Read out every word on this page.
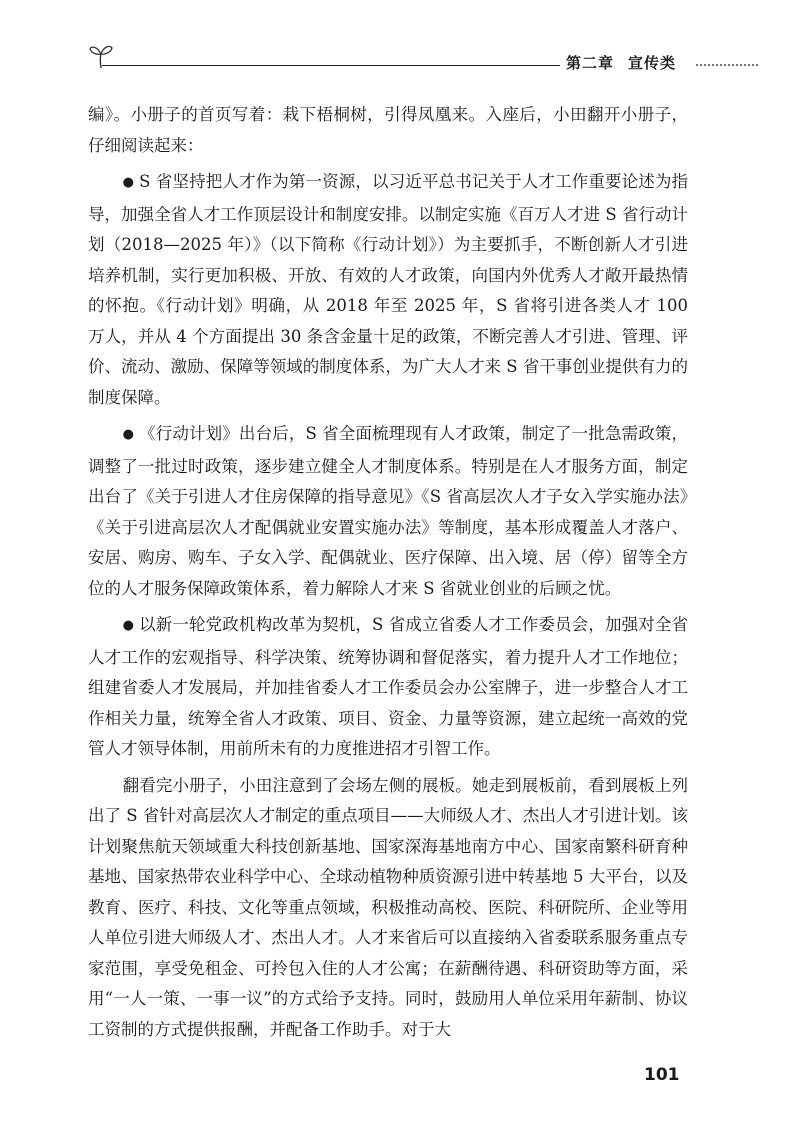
第二章 宣传类

编》。小册子的首页写着：栽下梧桐树，引得凤凰来。入座后，小田翻开小册子，仔细阅读起来：

● S 省坚持把人才作为第一资源，以习近平总书记关于人才工作重要论述为指导，加强全省人才工作顶层设计和制度安排。以制定实施《百万人才进 S 省行动计划（2018—2025 年）》（以下简称《行动计划》）为主要抓手，不断创新人才引进培养机制，实行更加积极、开放、有效的人才政策，向国内外优秀人才敞开最热情的怀抱。《行动计划》明确，从 2018 年至 2025 年，S 省将引进各类人才 100 万人，并从 4 个方面提出 30 条含金量十足的政策，不断完善人才引进、管理、评价、流动、激励、保障等领域的制度体系，为广大人才来 S 省干事创业提供有力的制度保障。

● 《行动计划》出台后，S 省全面梳理现有人才政策，制定了一批急需政策，调整了一批过时政策，逐步建立健全人才制度体系。特别是在人才服务方面，制定出台了《关于引进人才住房保障的指导意见》《S 省高层次人才子女入学实施办法》《关于引进高层次人才配偶就业安置实施办法》等制度，基本形成覆盖人才落户、安居、购房、购车、子女入学、配偶就业、医疗保障、出入境、居（停）留等全方位的人才服务保障政策体系，着力解除人才来 S 省就业创业的后顾之忧。

● 以新一轮党政机构改革为契机，S 省成立省委人才工作委员会，加强对全省人才工作的宏观指导、科学决策、统筹协调和督促落实，着力提升人才工作地位；组建省委人才发展局，并加挂省委人才工作委员会办公室牌子，进一步整合人才工作相关力量，统筹全省人才政策、项目、资金、力量等资源，建立起统一高效的党管人才领导体制，用前所未有的力度推进招才引智工作。

翻看完小册子，小田注意到了会场左侧的展板。她走到展板前，看到展板上列出了 S 省针对高层次人才制定的重点项目——大师级人才、杰出人才引进计划。该计划聚焦航天领域重大科技创新基地、国家深海基地南方中心、国家南繁科研育种基地、国家热带农业科学中心、全球动植物种质资源引进中转基地 5 大平台，以及教育、医疗、科技、文化等重点领域，积极推动高校、医院、科研院所、企业等用人单位引进大师级人才、杰出人才。人才来省后可以直接纳入省委联系服务重点专家范围，享受免租金、可拎包入住的人才公寓；在薪酬待遇、科研资助等方面，采用“一人一策、一事一议”的方式给予支持。同时，鼓励用人单位采用年薪制、协议工资制的方式提供报酬，并配备工作助手。对于大

101
